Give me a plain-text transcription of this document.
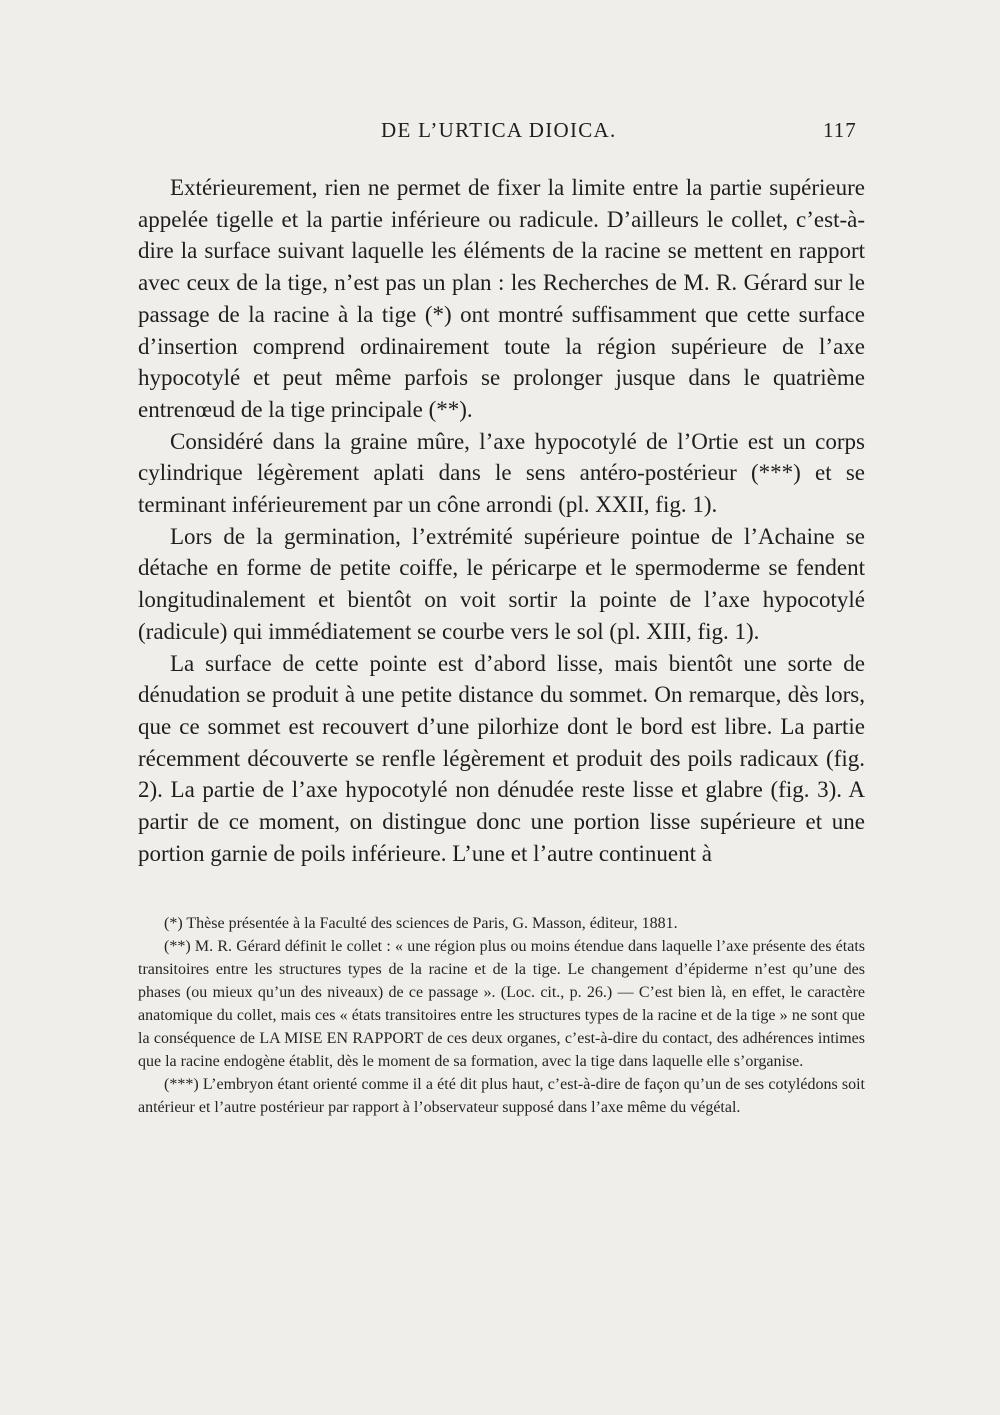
DE L’URTICA DIOICA.	117

Extérieurement, rien ne permet de fixer la limite entre la partie supérieure appelée tigelle et la partie inférieure ou radicule. D’ailleurs le collet, c’est-à-dire la surface suivant laquelle les éléments de la racine se mettent en rapport avec ceux de la tige, n’est pas un plan : les Recherches de M. R. Gérard sur le passage de la racine à la tige (*) ont montré suffisamment que cette surface d’insertion comprend ordinairement toute la région supérieure de l’axe hypocotylé et peut même parfois se prolonger jusque dans le quatrième entrenœud de la tige principale (**).

Considéré dans la graine mûre, l’axe hypocotylé de l’Ortie est un corps cylindrique légèrement aplati dans le sens antéro-postérieur (***) et se terminant inférieurement par un cône arrondi (pl. XXII, fig. 1).

Lors de la germination, l’extrémité supérieure pointue de l’Achaine se détache en forme de petite coiffe, le péricarpe et le spermoderme se fendent longitudinalement et bientôt on voit sortir la pointe de l’axe hypocotylé (radicule) qui immédiatement se courbe vers le sol (pl. XIII, fig. 1).

La surface de cette pointe est d’abord lisse, mais bientôt une sorte de dénudation se produit à une petite distance du sommet. On remarque, dès lors, que ce sommet est recouvert d’une pilorhize dont le bord est libre. La partie récemment découverte se renfle légèrement et produit des poils radicaux (fig. 2). La partie de l’axe hypocotylé non dénudée reste lisse et glabre (fig. 3). A partir de ce moment, on distingue donc une portion lisse supérieure et une portion garnie de poils inférieure. L’une et l’autre continuent à

(*) Thèse présentée à la Faculté des sciences de Paris, G. Masson, éditeur, 1881.

(**) M. R. Gérard définit le collet : « une région plus ou moins étendue dans laquelle l’axe présente des états transitoires entre les structures types de la racine et de la tige. Le changement d’épiderme n’est qu’une des phases (ou mieux qu’un des niveaux) de ce passage ». (Loc. cit., p. 26.) — C’est bien là, en effet, le caractère anatomique du collet, mais ces « états transitoires entre les structures types de la racine et de la tige » ne sont que la conséquence de LA MISE EN RAPPORT de ces deux organes, c’est-à-dire du contact, des adhérences intimes que la racine endogène établit, dès le moment de sa formation, avec la tige dans laquelle elle s’organise.

(***) L’embryon étant orienté comme il a été dit plus haut, c’est-à-dire de façon qu’un de ses cotylédons soit antérieur et l’autre postérieur par rapport à l’observateur supposé dans l’axe même du végétal.
